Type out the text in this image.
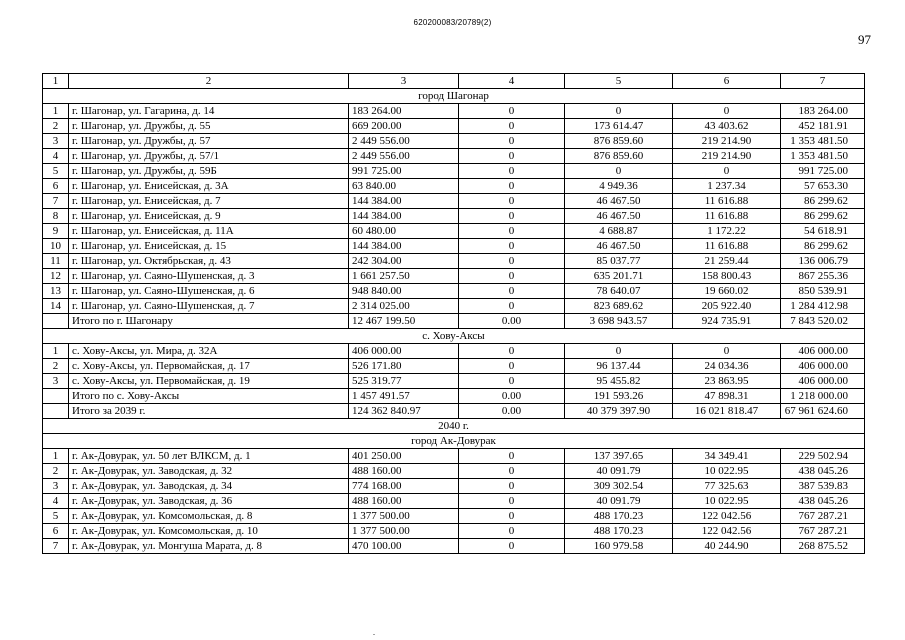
620200083/20789(2)
97
1	2	3	4	5	6	7
город Шагонар						
1	г. Шагонар, ул. Гагарина, д. 14	183 264.00	0	0	0	183 264.00
2	г. Шагонар, ул. Дружбы, д. 55	669 200.00	0	173 614.47	43 403.62	452 181.91
3	г. Шагонар, ул. Дружбы, д. 57	2 449 556.00	0	876 859.60	219 214.90	1 353 481.50
4	г. Шагонар, ул. Дружбы, д. 57/1	2 449 556.00	0	876 859.60	219 214.90	1 353 481.50
5	г. Шагонар, ул. Дружбы, д. 59Б	991 725.00	0	0	0	991 725.00
6	г. Шагонар, ул. Енисейская, д. 3А	63 840.00	0	4 949.36	1 237.34	57 653.30
7	г. Шагонар, ул. Енисейская, д. 7	144 384.00	0	46 467.50	11 616.88	86 299.62
8	г. Шагонар, ул. Енисейская, д. 9	144 384.00	0	46 467.50	11 616.88	86 299.62
9	г. Шагонар, ул. Енисейская, д. 11А	60 480.00	0	4 688.87	1 172.22	54 618.91
10	г. Шагонар, ул. Енисейская, д. 15	144 384.00	0	46 467.50	11 616.88	86 299.62
11	г. Шагонар, ул. Октябрьская, д. 43	242 304.00	0	85 037.77	21 259.44	136 006.79
12	г. Шагонар, ул. Саяно-Шушенская, д. 3	1 661 257.50	0	635 201.71	158 800.43	867 255.36
13	г. Шагонар, ул. Саяно-Шушенская, д. 6	948 840.00	0	78 640.07	19 660.02	850 539.91
14	г. Шагонар, ул. Саяно-Шушенская, д. 7	2 314 025.00	0	823 689.62	205 922.40	1 284 412.98
	Итого по г. Шагонару	12 467 199.50	0.00	3 698 943.57	924 735.91	7 843 520.02
с. Хову-Аксы						
1	с. Хову-Аксы, ул. Мира, д. 32А	406 000.00	0	0	0	406 000.00
2	с. Хову-Аксы, ул. Первомайская, д. 17	526 171.80	0	96 137.44	24 034.36	406 000.00
3	с. Хову-Аксы, ул. Первомайская, д. 19	525 319.77	0	95 455.82	23 863.95	406 000.00
	Итого по с. Хову-Аксы	1 457 491.57	0.00	191 593.26	47 898.31	1 218 000.00
	Итого за 2039 г.	124 362 840.97	0.00	40 379 397.90	16 021 818.47	67 961 624.60
2040 г.						
город Ак-Довурак						
1	г. Ак-Довурак, ул. 50 лет ВЛКСМ, д. 1	401 250.00	0	137 397.65	34 349.41	229 502.94
2	г. Ак-Довурак, ул. Заводская, д. 32	488 160.00	0	40 091.79	10 022.95	438 045.26
3	г. Ак-Довурак, ул. Заводская, д. 34	774 168.00	0	309 302.54	77 325.63	387 539.83
4	г. Ак-Довурак, ул. Заводская, д. 36	488 160.00	0	40 091.79	10 022.95	438 045.26
5	г. Ак-Довурак, ул. Комсомольская, д. 8	1 377 500.00	0	488 170.23	122 042.56	767 287.21
6	г. Ак-Довурак, ул. Комсомольская, д. 10	1 377 500.00	0	488 170.23	122 042.56	767 287.21
7	г. Ак-Довурак, ул. Монгуша Марата, д. 8	470 100.00	0	160 979.58	40 244.90	268 875.52
.
